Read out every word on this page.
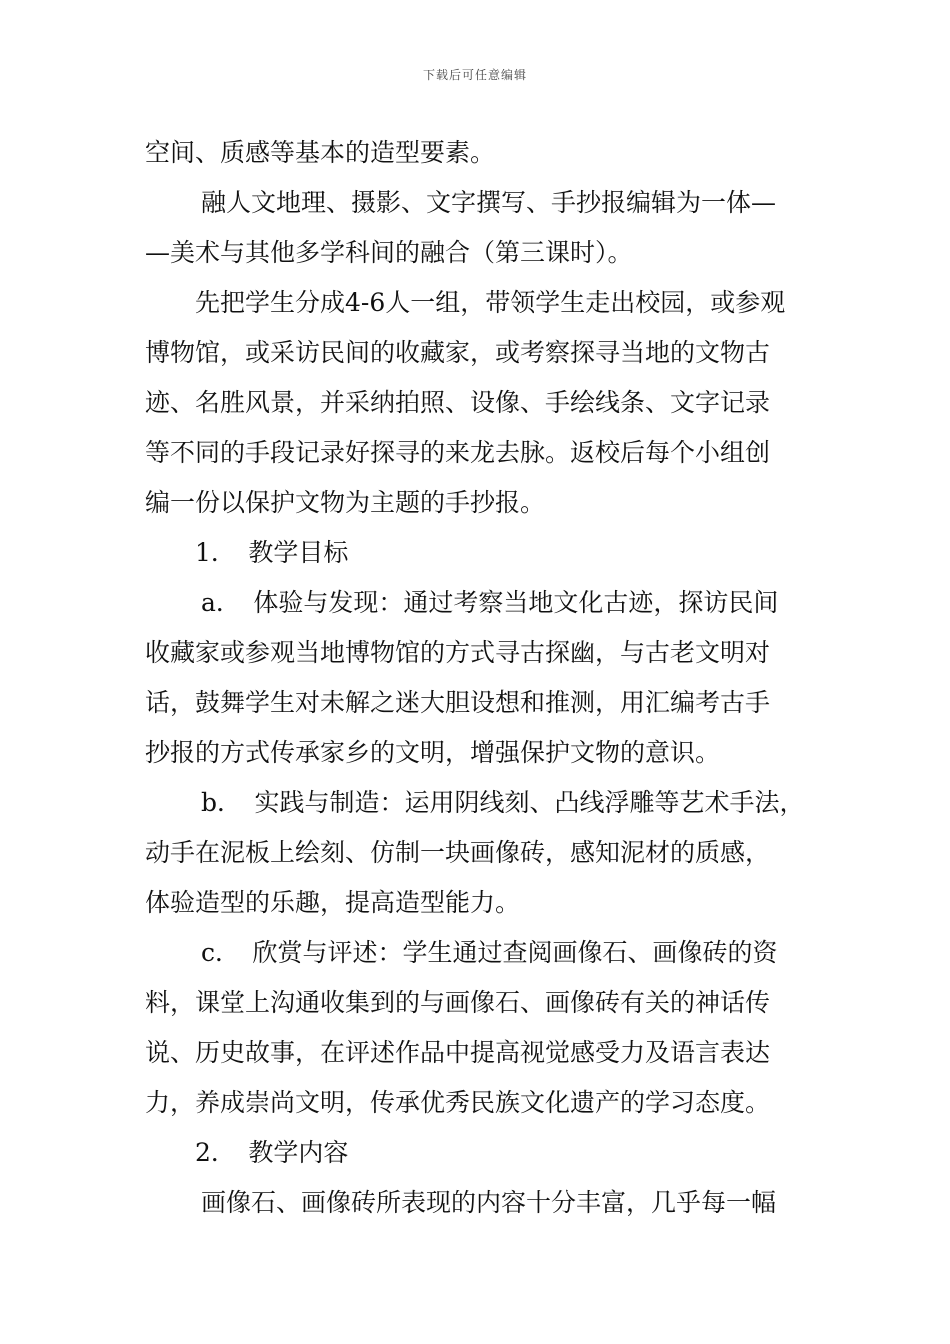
下载后可任意编辑
空间、质感等基本的造型要素。
融人文地理、摄影、文字撰写、手抄报编辑为一体—
—美术与其他多学科间的融合（第三课时）。
先把学生分成4-6人一组，带领学生走出校园，或参观
博物馆，或采访民间的收藏家，或考察探寻当地的文物古
迹、名胜风景，并采纳拍照、设像、手绘线条、文字记录
等不同的手段记录好探寻的来龙去脉。返校后每个小组创
编一份以保护文物为主题的手抄报。
1．　教学目标
a．　体验与发现：通过考察当地文化古迹，探访民间
收藏家或参观当地博物馆的方式寻古探幽，与古老文明对
话，鼓舞学生对未解之迷大胆设想和推测，用汇编考古手
抄报的方式传承家乡的文明，增强保护文物的意识。
b．　实践与制造：运用阴线刻、凸线浮雕等艺术手法，
动手在泥板上绘刻、仿制一块画像砖，感知泥材的质感，
体验造型的乐趣，提高造型能力。
c．　欣赏与评述：学生通过查阅画像石、画像砖的资
料，课堂上沟通收集到的与画像石、画像砖有关的神话传
说、历史故事，在评述作品中提高视觉感受力及语言表达
力，养成崇尚文明，传承优秀民族文化遗产的学习态度。
2．　教学内容
画像石、画像砖所表现的内容十分丰富，几乎每一幅
